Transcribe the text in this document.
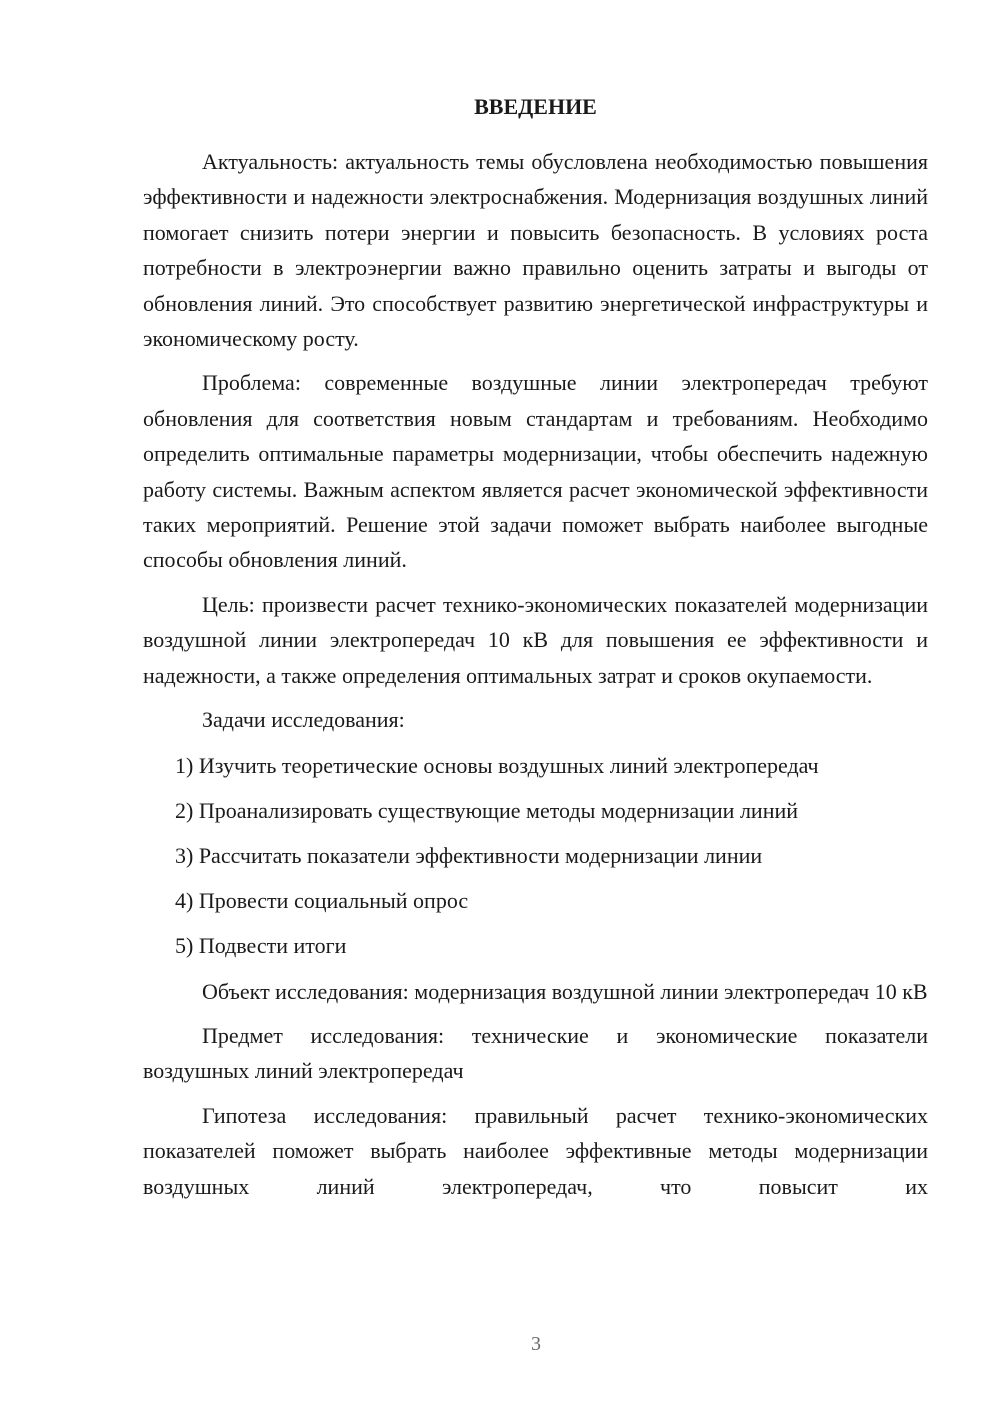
ВВЕДЕНИЕ

Актуальность: актуальность темы обусловлена необходимостью повышения эффективности и надежности электроснабжения. Модернизация воздушных линий помогает снизить потери энергии и повысить безопасность. В условиях роста потребности в электроэнергии важно правильно оценить затраты и выгоды от обновления линий. Это способствует развитию энергетической инфраструктуры и экономическому росту.

Проблема: современные воздушные линии электропередач требуют обновления для соответствия новым стандартам и требованиям. Необходимо определить оптимальные параметры модернизации, чтобы обеспечить надежную работу системы. Важным аспектом является расчет экономической эффективности таких мероприятий. Решение этой задачи поможет выбрать наиболее выгодные способы обновления линий.

Цель: произвести расчет технико-экономических показателей модернизации воздушной линии электропередач 10 кВ для повышения ее эффективности и надежности, а также определения оптимальных затрат и сроков окупаемости.

Задачи исследования:
1) Изучить теоретические основы воздушных линий электропередач
2) Проанализировать существующие методы модернизации линий
3) Рассчитать показатели эффективности модернизации линии
4) Провести социальный опрос
5) Подвести итоги

Объект исследования: модернизация воздушной линии электропередач 10 кВ

Предмет исследования: технические и экономические показатели воздушных линий электропередач

Гипотеза исследования: правильный расчет технико-экономических показателей поможет выбрать наиболее эффективные методы модернизации воздушных линий электропередач, что повысит их

3
